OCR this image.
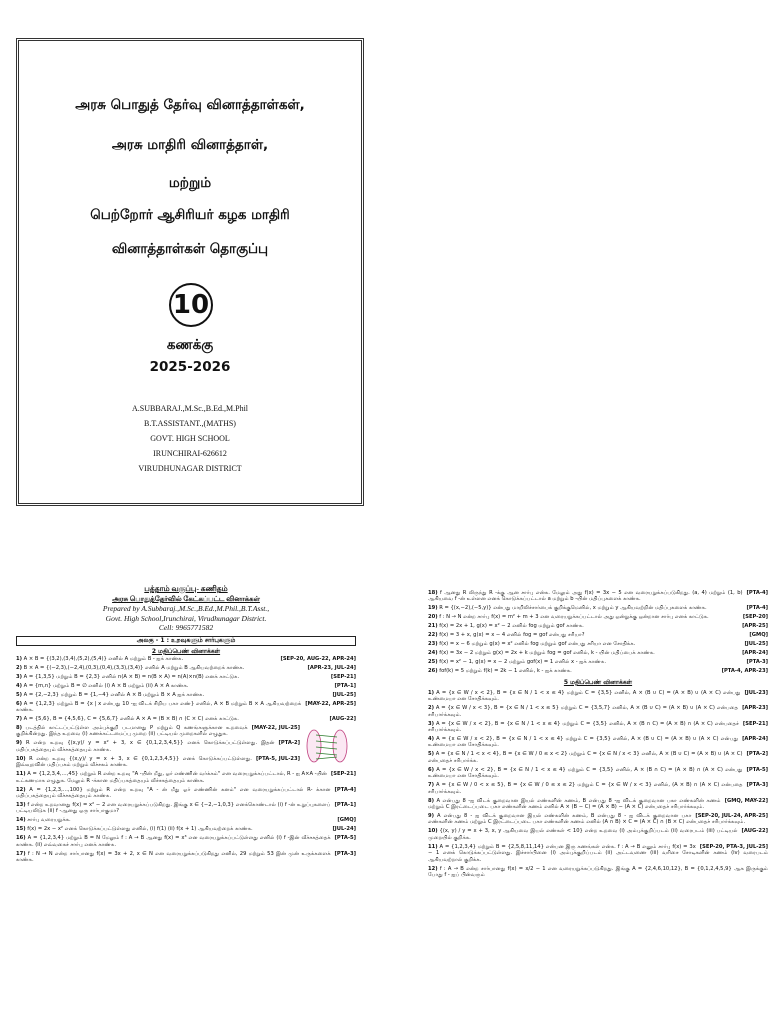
அரசு பொதுத் தேர்வு வினாத்தாள்கள்,
அரசு மாதிரி வினாத்தாள்,
மற்றும்
பெற்றோர் ஆசிரியர் கழக மாதிரி
வினாத்தாள்கள் தொகுப்பு
10
கணக்கு
2025-2026
A.SUBBARAJ.,M.Sc.,B.Ed.,M.Phil
B.T.ASSISTANT.,(MATHS)
GOVT. HIGH SCHOOL
IRUNCHIRAI-626612
VIRUDHUNAGAR DISTRICT
பத்தாம் வகுப்பு- கணிதம்
அரசு பொதுத்தேர்வில் கேட்கப்பட்ட வினாக்கள்
Prepared by A.Subbaraj.,M.Sc.,B.Ed.,M.Phil.,B.T.Asst.,
Govt. High School,Irunchirai, Virudhunagar District.
Cell: 9965771582
அலகு - 1 : உறவுகளும் சார்புகளும்
2 மதிப்பெண் வினாக்கள்
[SEP-20, AUG-22, APR-24]
1) A × B = {(3,2),(3,4),(5,2),(5,4)} எனில் A மற்றும் B - ஐக் காண்க.
[APR-23, JUL-24]
2) B × A = {(−2,3),(−2,4),(0,3),(0,4),(3,3),(3,4)} எனில் A மற்றும் B ஆகியவற்றைக் காண்க.
[SEP-21]
3) A = {1,3,5} மற்றும் B = {2,3} எனில் n(A × B) = n(B × A) = n(A)×n(B) எனக் காட்டுக.
[PTA-1]
4) A = {m,n} மற்றும் B = ∅ எனில் (i) A × B மற்றும் (ii) A × A காண்க.
[JUL-25]
5) A = {2,−2,3} மற்றும் B = {1,−4} எனில் A × B மற்றும் B × A ஐக் காண்க.
[MAY-22, APR-25]
6) A = {1,2,3} மற்றும் B = {x | x என்பது 10 -ஐ விடக் சிறிய பகா எண்} எனில், A × B மற்றும் B × A ஆகியவற்றைக் காண்க.
[AUG-22]
7) A = {5,6}, B = {4,5,6}, C = {5,6,7} எனில் A × A = (B × B) ∩ (C × C) எனக் காட்டுக.
[MAY-22, JUL-25]
8) படத்தில் காட்டப்பட்டுள்ள அம்புக்குறி படமானது P மற்றும் Q கணங்களுக்கான உறவைக் குறிக்கின்றது. இந்த உறவை (i) கணக்கட்டமைப்பு முறை (ii) பட்டியல் முறைகளில் எழுதுக.
[PTA-2]
9) R என்ற உறவு {(x,y)/ y = x² + 3, x ∈ {0,1,2,3,4,5}} எனக் கொடுக்கப்பட்டுள்ளது. இதன் மதிப்பகத்தையும் வீச்சகத்தையும் காண்க.
[PTA-5, JUL-23]
10) R என்ற உறவு {(x,y)/ y = x + 3, x ∈ {0,1,2,3,4,5}} எனக் கொடுக்கப்பட்டுள்ளது. இவ்வுறவின் மதிப்பகம் மற்றும் வீச்சகம் காண்க.
[SEP-21]
11) A = {1,2,3,4,…,45} மற்றும் R என்ற உறவு "A -யின் மீது, ஓர் எண்ணின் வர்க்கம்" என வரையறுக்கப்பட்டால், R - ஐ A×A -யின் உட்கணமாக எழுதுக. மேலும் R -க்கான மதிப்பகத்தையும் வீச்சகத்தையும் காண்க.
[PTA-4]
12) A = {1,2,3,…,100} மற்றும் R என்ற உறவு "A - ன் மீது ஓர் எண்ணின் கனம்" என வரையறுக்கப்பட்டால் R- க்கான மதிப்பகத்தையும் வீச்சகத்தையும் காண்க.
[PTA-1]
13) f என்ற உறவானது f(x) = x² − 2 என வரையறுக்கப்படுகிறது. இங்கு x ∈ {−2,−1,0,3} எனக்கொண்டால் (i) f -ன் உறுப்புகளைப் பட்டியலிடுக (ii) f -ஆனது ஒரு சார்பாகுமா?
[GMQ]
14) சார்பு வரையறுக்க.
[JUL-24]
15) f(x) = 2x − x² எனக் கொடுக்கப்பட்டுள்ளது எனில், (i) f(1) (ii) f(x + 1) ஆகியவற்றைக் காண்க.
[PTA-5]
16) A = {1,2,3,4} மற்றும் B = N மேலும் f : A → B ஆனது f(x) = x³ என வரையறுக்கப்பட்டுள்ளது எனில் (i) f -இன் வீச்சகத்தைக் காண்க. (ii) எவ்வகைச் சார்பு எனக் காண்க.
[PTA-3]
17) f : N → N என்ற சார்பானது f(x) = 3x + 2, x ∈ N என வரையறுக்கப்படுகிறது எனில், 29 மற்றும் 53 இன் முன் உருக்களைக் காண்க.
[PTA-4]
18) f ஆனது R லிருந்து R -க்கு ஆன சார்பு என்க. மேலும் அது f(x) = 3x − 5 என வரையறுக்கப்படுகிறது. (a, 4) மற்றும் (1, b) ஆகியவை f -ன் உள்ளன எனக் கொடுக்கப்பட்டால் a மற்றும் b -யின் மதிப்புகளைக் காண்க.
[PTA-4]
19) R = {(x,−2),(−5,y)} என்பது மாறிலிச்சார்பைக் குறிக்குமெனில், x மற்றும் y ஆகியவற்றின் மதிப்புகளைக் காண்க.
[SEP-20]
20) f : N → N என்ற சார்பு f(x) = m² + m + 3 என வரையறுக்கப்பட்டால் அது ஒன்றுக்கு ஒன்றான சார்பு எனக் காட்டுக.
[APR-25]
21) f(x) = 2x + 1, g(x) = x² − 2 எனில் fog மற்றும் gof காண்க.
[GMQ]
22) f(x) = 3 + x, g(x) = x − 4 எனில் fog = gof என்பது சரியா?
[JUL-25]
23) f(x) = x − 6 மற்றும் g(x) = x² எனில் fog மற்றும் gof என்பது சரியா என சோதிக்க.
[APR-24]
24) f(x) = 3x − 2 மற்றும் g(x) = 2x + k மற்றும் fog = gof எனில், k - யின் மதிப்பைக் காண்க.
[PTA-3]
25) f(x) = x² − 1, g(x) = x − 2 மற்றும் gof(x) = 1 எனில் x - ஐக் காண்க.
[PTA-4, APR-23]
26) fof(k) = 5 மற்றும் f(k) = 2k − 1 எனில், k - ஐக் காண்க.
5 மதிப்பெண் வினாக்கள்
[JUL-23]
1) A = {x ∈ W / x < 2}, B = {x ∈ N / 1 < x ≤ 4} மற்றும் C = {3,5} எனில், A × (B ∪ C) = (A × B) ∪ (A × C) என்பது உண்மையா என சோதிக்கவும்.
[APR-23]
2) A = {x ∈ W / x < 3}, B = {x ∈ N / 1 < x ≤ 5} மற்றும் C = {3,5,7} எனில், A × (B ∪ C) = (A × B) ∪ (A × C) என்பதை சரிபார்க்கவும்.
[SEP-21]
3) A = {x ∈ W / x < 2}, B = {x ∈ N / 1 < x ≤ 4} மற்றும் C = {3,5} எனில், A × (B ∩ C) = (A × B) ∩ (A × C) என்பதைச் சரிபார்க்கவும்.
[APR-24]
4) A = {x ∈ W / x < 2}, B = {x ∈ N / 1 < x ≤ 4} மற்றும் C = {3,5} எனில், A × (B ∪ C) = (A × B) ∪ (A × C) என்பது உண்மையா என சோதிக்கவும்.
[PTA-2]
5) A = {x ∈ N / 1 < x < 4}, B = {x ∈ W / 0 ≤ x < 2} மற்றும் C = {x ∈ N / x < 3} எனில், A × (B ∪ C) = (A × B) ∪ (A × C) என்பதைச் சரிபார்க்க.
[PTA-5]
6) A = {x ∈ W / x < 2}, B = {x ∈ N / 1 < x ≤ 4} மற்றும் C = {3,5} எனில், A × (B ∩ C) = (A × B) ∩ (A × C) என்பது உண்மையா என சோதிக்கவும்.
[PTA-3]
7) A = {x ∈ W / 0 < x ≤ 5}, B = {x ∈ W / 0 ≤ x ≤ 2} மற்றும் C = {x ∈ W / x < 3} எனில், (A × B) ∩ (A × C) என்பதை சரிபார்க்கவும்.
[GMQ, MAY-22]
8) A என்பது 8 -ஐ விடக் குறைவான இயல் எண்களின் கணம், B என்பது 8 -ஐ விடக் குறைவான பகா எண்களின் கணம் மற்றும் C இரட்டைப்படை பகா எண்களின் கணம் எனில் A × (B − C) = (A × B) − (A × C) என்பதைச் சரிபார்க்கவும்.
[SEP-20, JUL-24, APR-25]
9) A என்பது 8 - ஐ விடக் குறைவான இயல் எண்களின் கணம், B என்பது 8 - ஐ விடக் குறைவான பகா எண்களின் கணம் மற்றும் C இரட்டைப்படை பகா எண்களின் கணம் எனில் (A ∩ B) × C = (A × C) ∩ (B × C) என்பதைச் சரிபார்க்கவும்.
[AUG-22]
10) {(x, y) / y = x + 3, x, y ஆகியவை இயல் எண்கள் < 10} என்ற உறவை (i) அம்புக்குறிப்படம் (ii) வரைபடம் (iii) பட்டியல் முறையில் குறிக்க.
[SEP-20, PTA-3, JUL-25]
11) A = {1,2,3,4} மற்றும் B = {2,5,8,11,14} என்பன இரு கணங்கள் என்க. f : A → B எனும் சார்பு f(x) = 3x − 1 எனக் கொடுக்கப்பட்டுள்ளது. இச்சார்பினை (i) அம்புக்குறிப்படம் (ii) அட்டவணை (iii) வரிசை சோடிகளின் கணம் (iv) வரைபடம் ஆகியவற்றால் குறிக்க.
12) f : A → B என்ற சார்பானது f(x) = x/2 − 1 என வரையறுக்கப்படுகிறது. இங்கு A = {2,4,6,10,12}, B = {0,1,2,4,5,9} ஆக இருக்கும் போது f - ஐப் பின்வரும்
